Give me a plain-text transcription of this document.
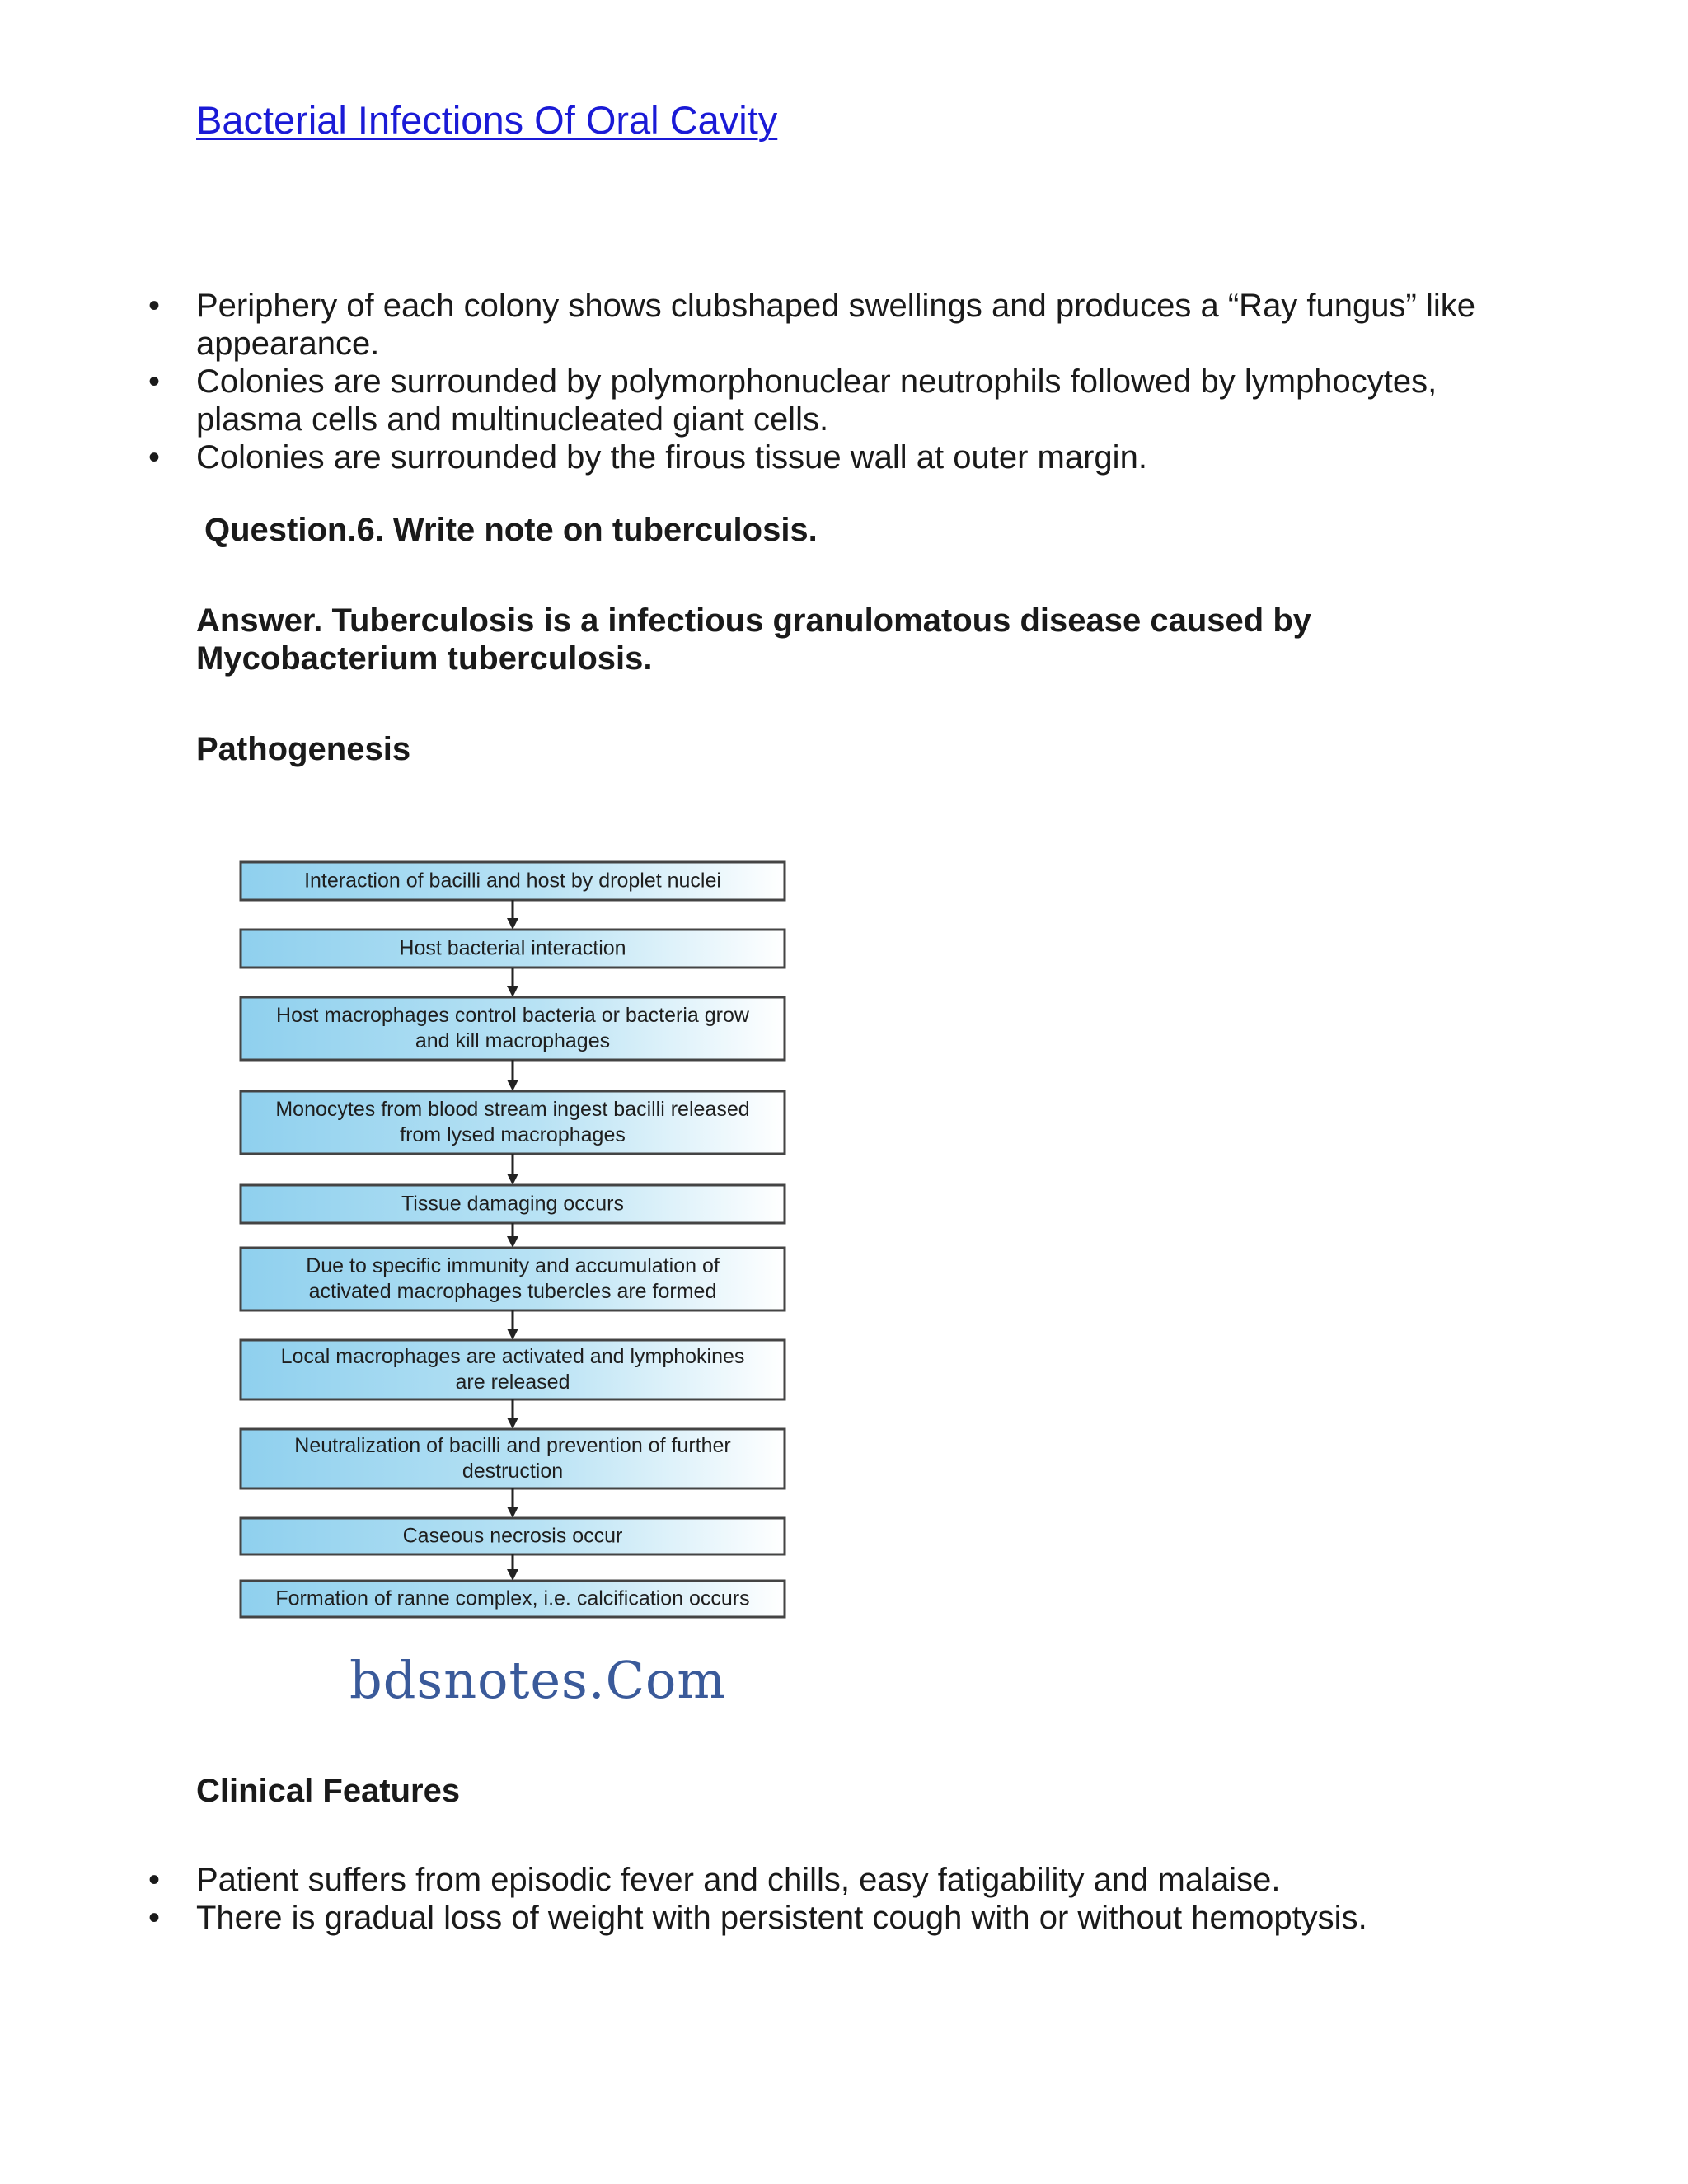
Bacterial Infections Of Oral Cavity
• Periphery of each colony shows clubshaped swellings and produces a “Ray fungus” like appearance.
• Colonies are surrounded by polymorphonuclear neutrophils followed by lymphocytes, plasma cells and multinucleated giant cells.
• Colonies are surrounded by the firous tissue wall at outer margin.
Question.6. Write note on tuberculosis.
Answer. Tuberculosis is a infectious granulomatous disease caused by Mycobacterium tuberculosis.
Pathogenesis
Interaction of bacilli and host by droplet nuclei
Host bacterial interaction
Host macrophages control bacteria or bacteria grow
and kill macrophages
Monocytes from blood stream ingest bacilli released
from lysed macrophages
Tissue damaging occurs
Due to specific immunity and accumulation of
activated macrophages tubercles are formed
Local macrophages are activated and lymphokines
are released
Neutralization of bacilli and prevention of further
destruction
Caseous necrosis occur
Formation of ranne complex, i.e. calcification occurs
bdsnotes.Com
Clinical Features
• Patient suffers from episodic fever and chills, easy fatigability and malaise.
• There is gradual loss of weight with persistent cough with or without hemoptysis.
